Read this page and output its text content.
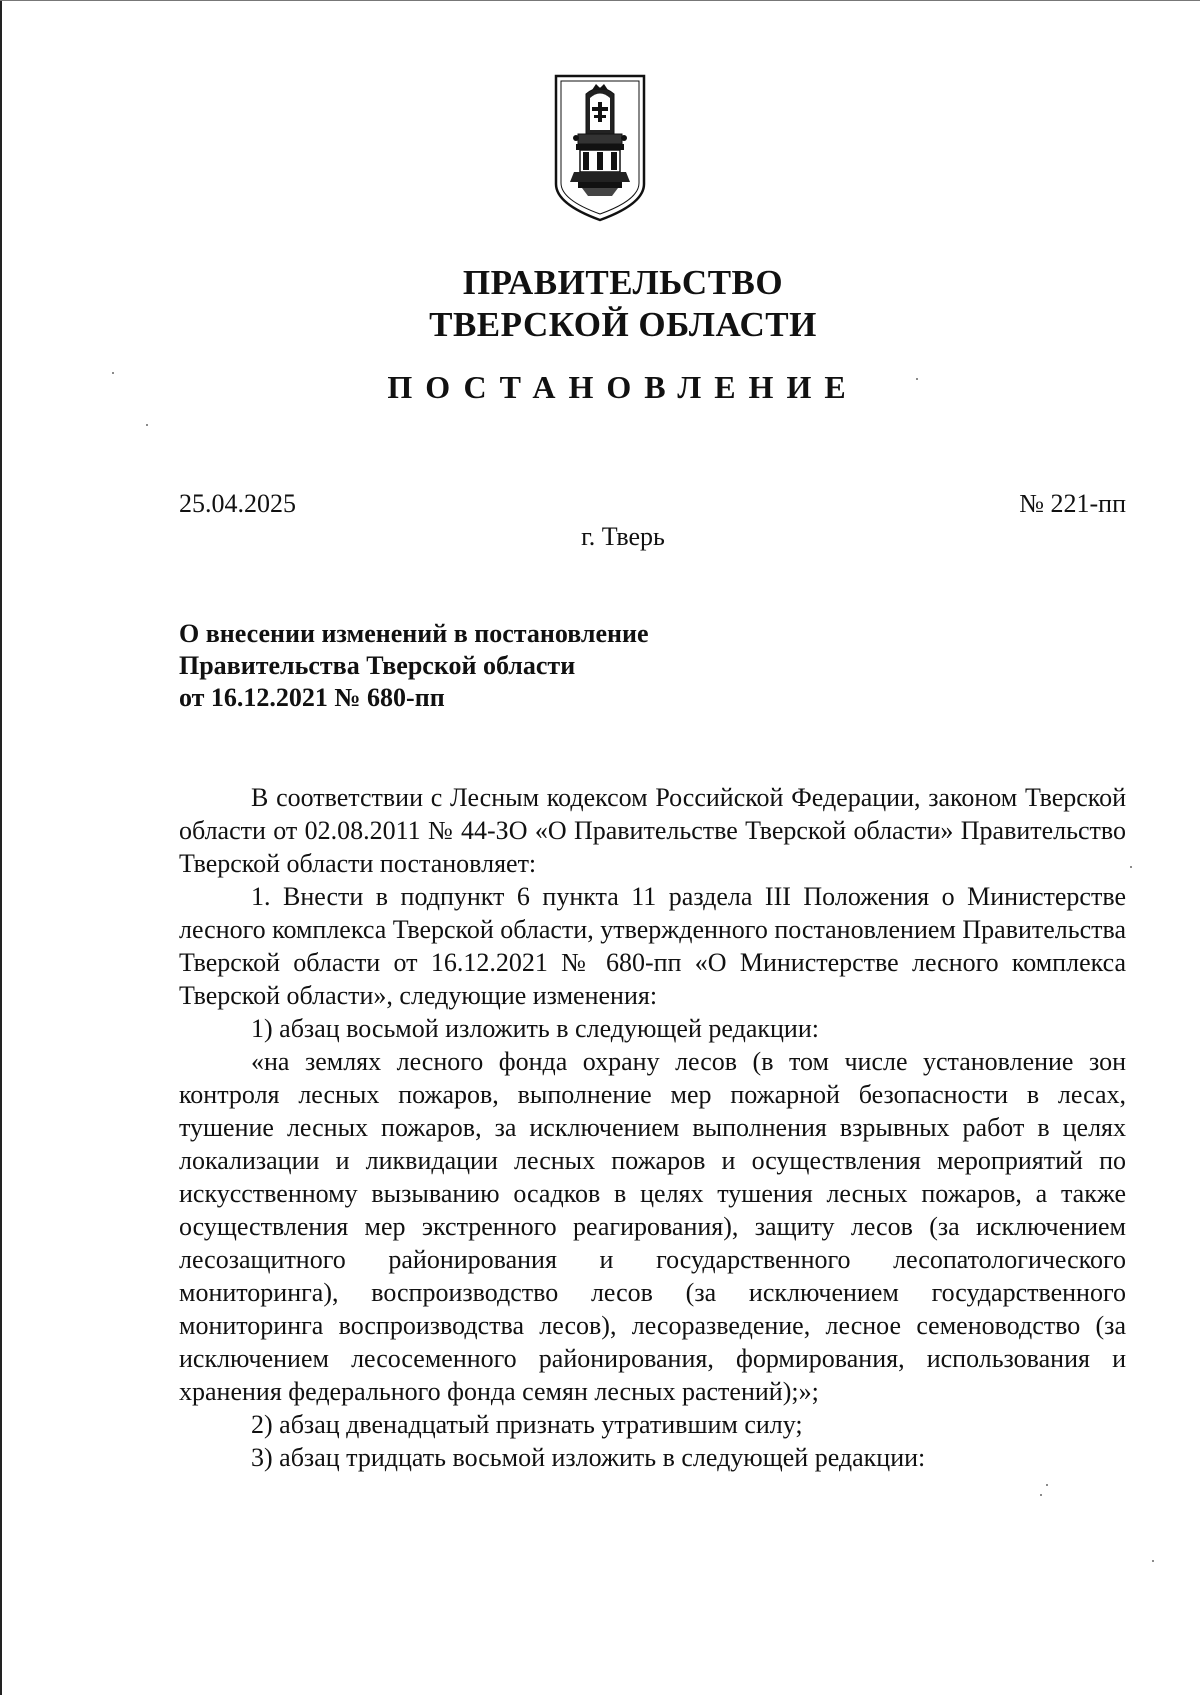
ПРАВИТЕЛЬСТВО
ТВЕРСКОЙ ОБЛАСТИ
ПОСТАНОВЛЕНИЕ
25.04.2025	№ 221-пп
г. Тверь
О внесении изменений в постановление
Правительства Тверской области
от 16.12.2021 № 680-пп

В соответствии с Лесным кодексом Российской Федерации, законом Тверской области от 02.08.2011 № 44-ЗО «О Правительстве Тверской области» Правительство Тверской области постановляет:

1. Внести в подпункт 6 пункта 11 раздела III Положения о Министерстве лесного комплекса Тверской области, утвержденного постановлением Правительства Тверской области от 16.12.2021 № 680-пп «О Министерстве лесного комплекса Тверской области», следующие изменения:

1) абзац восьмой изложить в следующей редакции:

«на землях лесного фонда охрану лесов (в том числе установление зон контроля лесных пожаров, выполнение мер пожарной безопасности в лесах, тушение лесных пожаров, за исключением выполнения взрывных работ в целях локализации и ликвидации лесных пожаров и осуществления мероприятий по искусственному вызыванию осадков в целях тушения лесных пожаров, а также осуществления мер экстренного реагирования), защиту лесов (за исключением лесозащитного районирования и государственного лесопатологического мониторинга), воспроизводство лесов (за исключением государственного мониторинга воспроизводства лесов), лесоразведение, лесное семеноводство (за исключением лесосеменного районирования, формирования, использования и хранения федерального фонда семян лесных растений);»;

2) абзац двенадцатый признать утратившим силу;

3) абзац тридцать восьмой изложить в следующей редакции:
